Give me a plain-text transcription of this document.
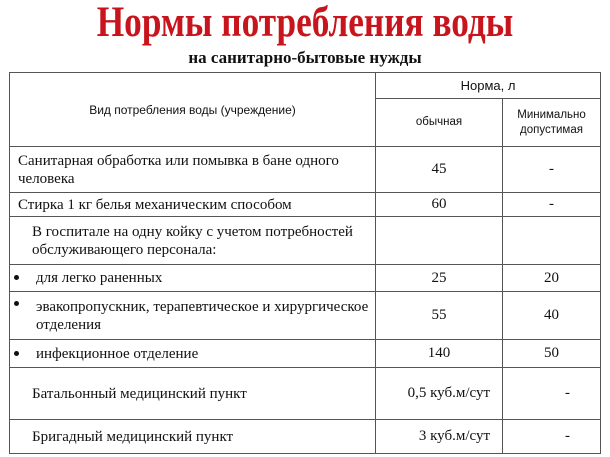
Нормы потребления воды
на санитарно-бытовые нужды
Вид потребления воды (учреждение)	Норма, л	
	обычная	Минимально допустимая
Санитарная обработка или помывка в бане одного человека	45	-
Стирка 1 кг белья механическим способом	60	-
В госпитале на одну койку с учетом потребностей обслуживающего персонала:		

для легко раненных	25	20

эвакопропускник, терапевтическое и хирургическое отделения	55	40

инфекционное отделение	140	50
Батальонный медицинский пункт	0,5 куб.м/сут	-
Бригадный медицинский пункт	3 куб.м/сут	-
